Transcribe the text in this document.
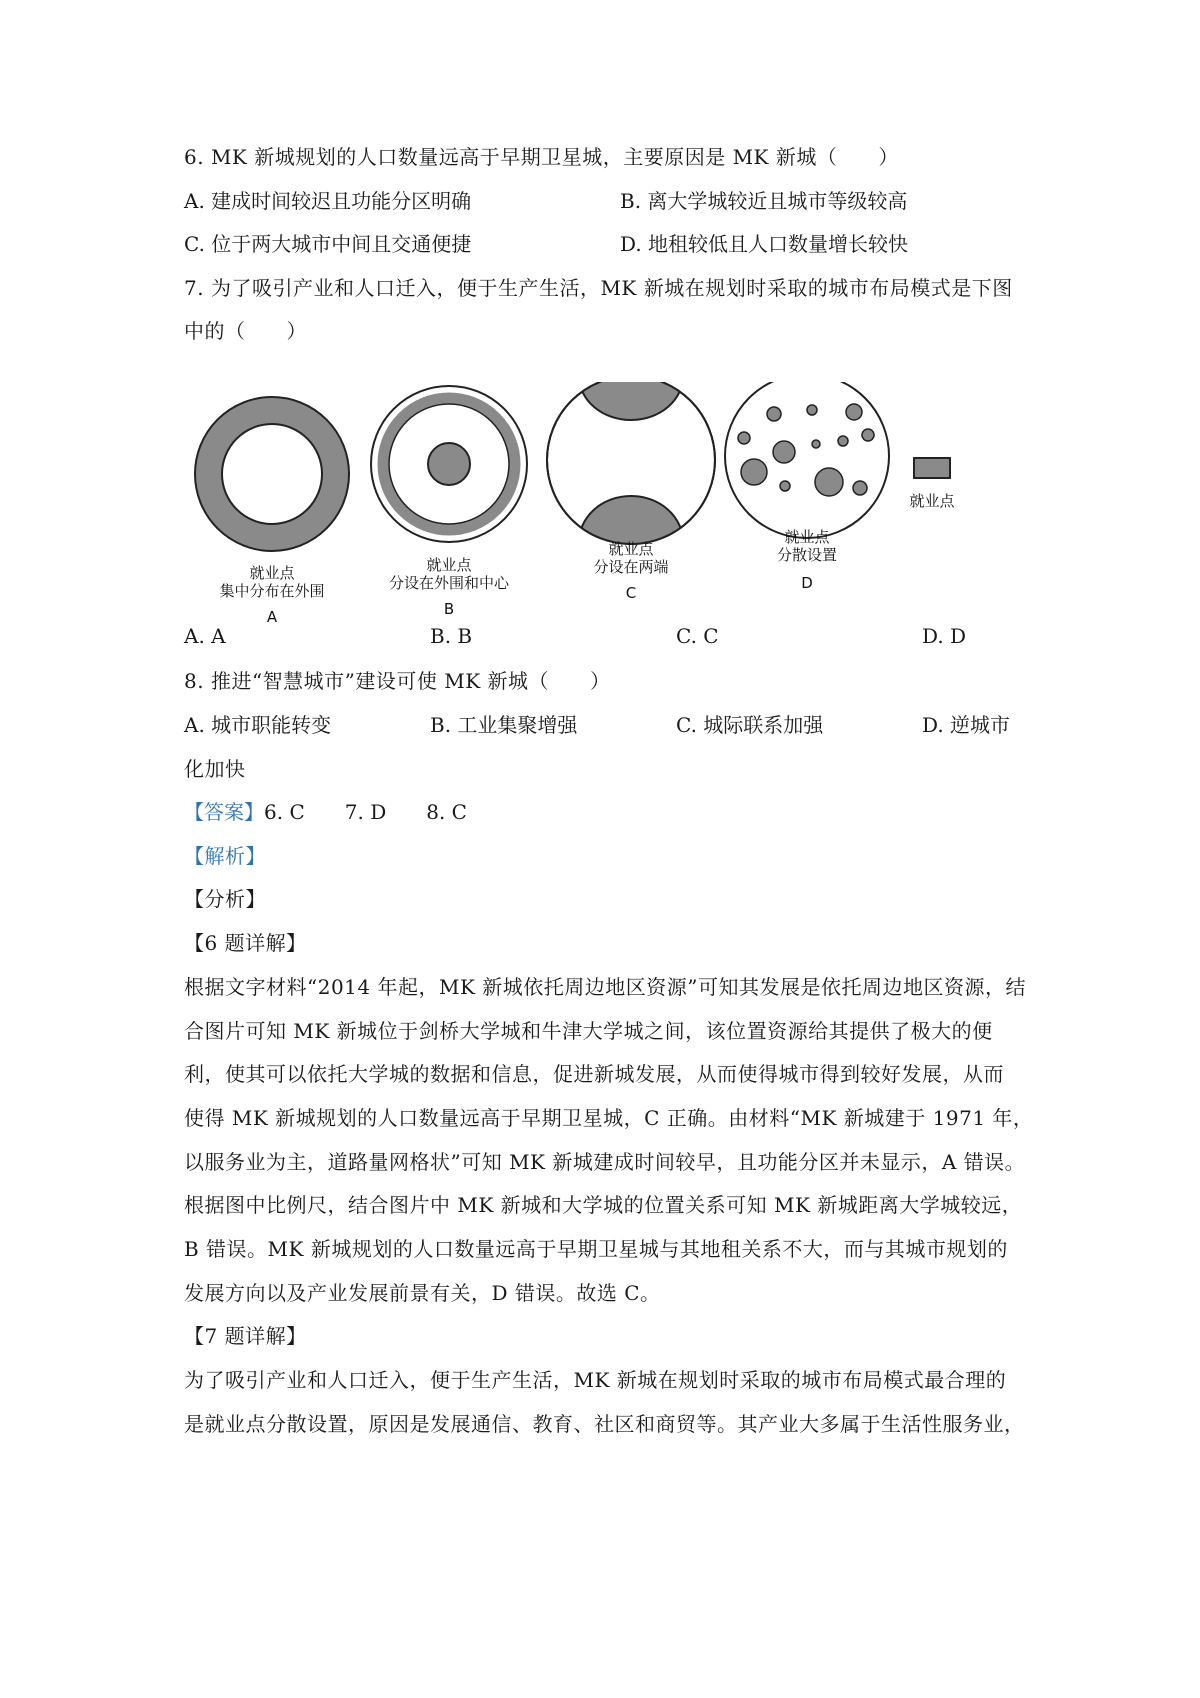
6. MK 新城规划的人口数量远高于早期卫星城，主要原因是 MK 新城（　　）
A. 建成时间较迟且功能分区明确	B. 离大学城较近且城市等级较高
C. 位于两大城市中间且交通便捷	D. 地租较低且人口数量增长较快
7. 为了吸引产业和人口迁入，便于生产生活，MK 新城在规划时采取的城市布局模式是下图
中的（　　）
A. A	B. B	C. C	D. D
8. 推进“智慧城市”建设可使 MK 新城（　　）
A. 城市职能转变	B. 工业集聚增强	C. 城际联系加强	D. 逆城市
化加快
【答案】6. C 7. D 8. C
【解析】
【分析】
【6 题详解】
根据文字材料“2014 年起，MK 新城依托周边地区资源”可知其发展是依托周边地区资源，结
合图片可知 MK 新城位于剑桥大学城和牛津大学城之间，该位置资源给其提供了极大的便
利，使其可以依托大学城的数据和信息，促进新城发展，从而使得城市得到较好发展，从而
使得 MK 新城规划的人口数量远高于早期卫星城，C 正确。由材料“MK 新城建于 1971 年，
以服务业为主，道路量网格状”可知 MK 新城建成时间较早，且功能分区并未显示，A 错误。
根据图中比例尺，结合图片中 MK 新城和大学城的位置关系可知 MK 新城距离大学城较远，
B 错误。MK 新城规划的人口数量远高于早期卫星城与其地租关系不大，而与其城市规划的
发展方向以及产业发展前景有关，D 错误。故选 C。
【7 题详解】
为了吸引产业和人口迁入，便于生产生活，MK 新城在规划时采取的城市布局模式最合理的
是就业点分散设置，原因是发展通信、教育、社区和商贸等。其产业大多属于生活性服务业，
就业点
集中分布在外围
A
就业点
分设在外围和中心
B
就业点
分设在两端
C
就业点
分散设置
D
就业点
